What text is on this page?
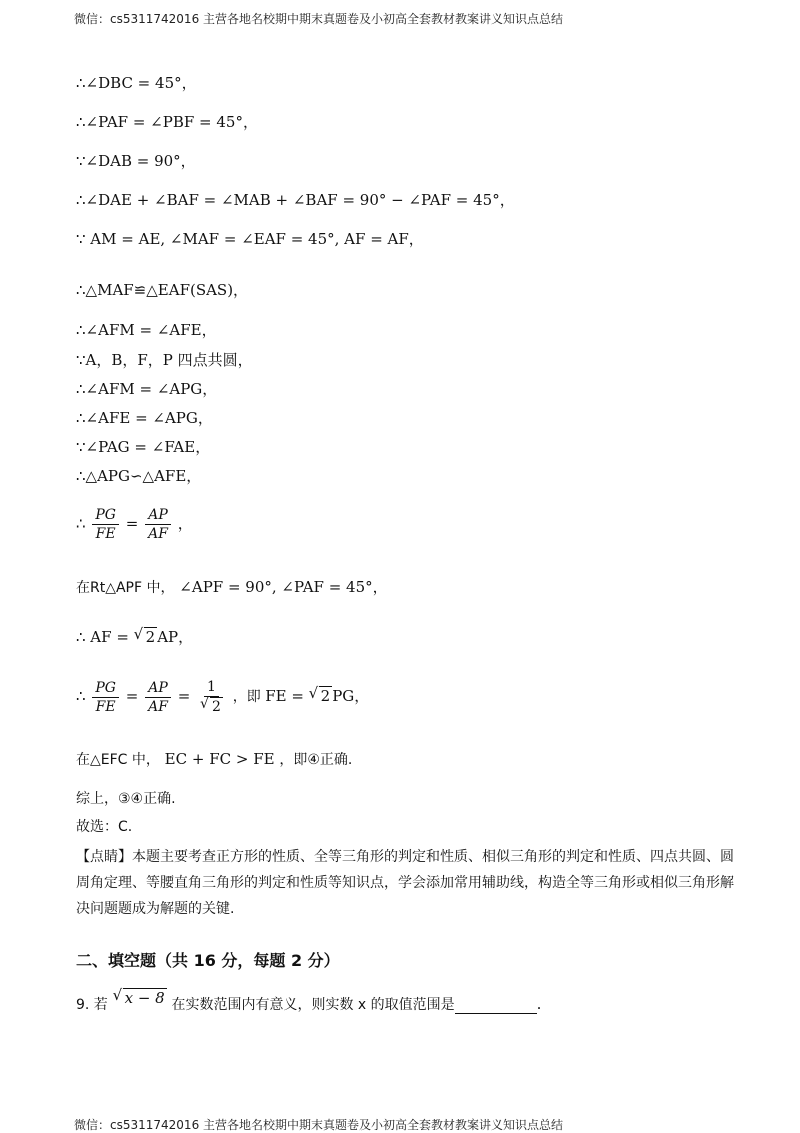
微信：cs5311742016 主营各地名校期中期末真题卷及小初高全套教材教案讲义知识点总结
∴∠DBC = 45°，
∴∠PAF = ∠PBF = 45°，
∵∠DAB = 90°，
∴∠DAE + ∠BAF = ∠MAB + ∠BAF = 90° − ∠PAF = 45°，
∵ AM = AE, ∠MAF = ∠EAF = 45°, AF = AF，
∴△MAF≌△EAF(SAS)，
∴∠AFM = ∠AFE，
∵A，B，F，P 四点共圆，
∴∠AFM = ∠APG，
∴∠AFE = ∠APG，
∵∠PAG = ∠FAE，
∴△APG∽△AFE，
∴ $\frac{PG}{FE} = \frac{AP}{AF}$ ，
在Rt△APF 中， ∠APF = 90°, ∠PAF = 45°，
∴ AF = √ 2 AP，
∴ $\frac{PG}{FE} = \frac{AP}{AF} = 1$
√ 2 ，即 FE = √ 2 PG，
在△EFC 中， EC + FC > FE ，即④正确.
综上，③④正确.
故选：C.
【点睛】本题主要考查正方形的性质、全等三角形的判定和性质、相似三角形的判定和性质、四点共圆、圆周角定理、等腰直角三角形的判定和性质等知识点，学会添加常用辅助线，构造全等三角形或相似三角形解决问题题成为解题的关键.
二、填空题（共 16 分，每题 2 分）
9. 若 √ x − 8 在实数范围内有意义，则实数 x 的取值范围是	.
微信：cs5311742016 主营各地名校期中期末真题卷及小初高全套教材教案讲义知识点总结
